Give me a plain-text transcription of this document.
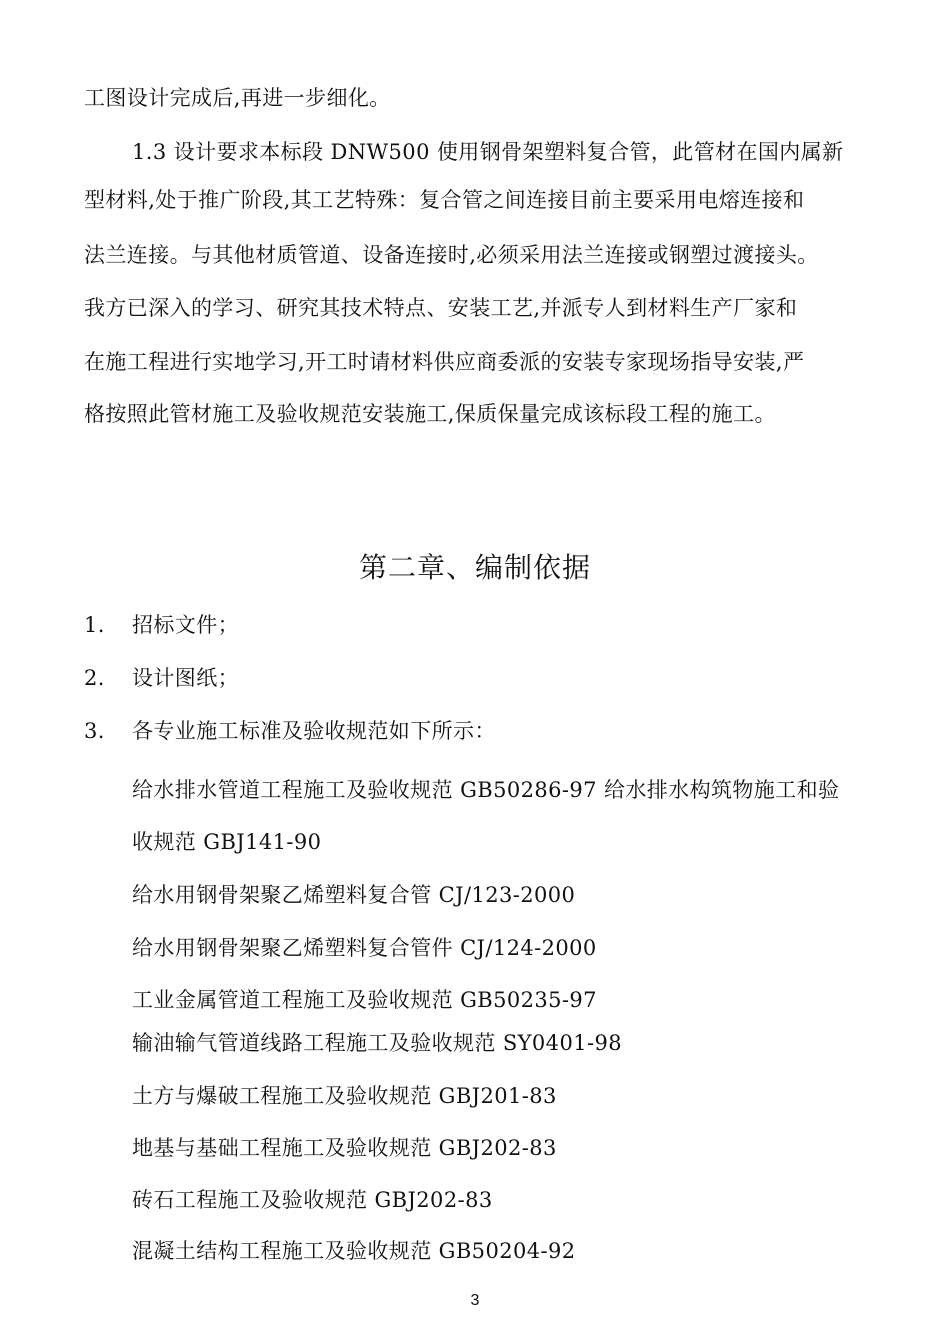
工图设计完成后,再进一步细化。
1.3 设计要求本标段 DNW500 使用钢骨架塑料复合管，此管材在国内属新
型材料,处于推广阶段,其工艺特殊：复合管之间连接目前主要采用电熔连接和
法兰连接。与其他材质管道、设备连接时,必须采用法兰连接或钢塑过渡接头。
我方已深入的学习、研究其技术特点、安装工艺,并派专人到材料生产厂家和
在施工程进行实地学习,开工时请材料供应商委派的安装专家现场指导安装,严
格按照此管材施工及验收规范安装施工,保质保量完成该标段工程的施工。
第二章、编制依据
1. 招标文件；
2. 设计图纸；
3. 各专业施工标准及验收规范如下所示：
给水排水管道工程施工及验收规范 GB50286-97 给水排水构筑物施工和验
收规范 GBJ141-90
给水用钢骨架聚乙烯塑料复合管 CJ/123-2000
给水用钢骨架聚乙烯塑料复合管件 CJ/124-2000
工业金属管道工程施工及验收规范 GB50235-97
输油输气管道线路工程施工及验收规范 SY0401-98
土方与爆破工程施工及验收规范 GBJ201-83
地基与基础工程施工及验收规范 GBJ202-83
砖石工程施工及验收规范 GBJ202-83
混凝土结构工程施工及验收规范 GB50204-92
3
